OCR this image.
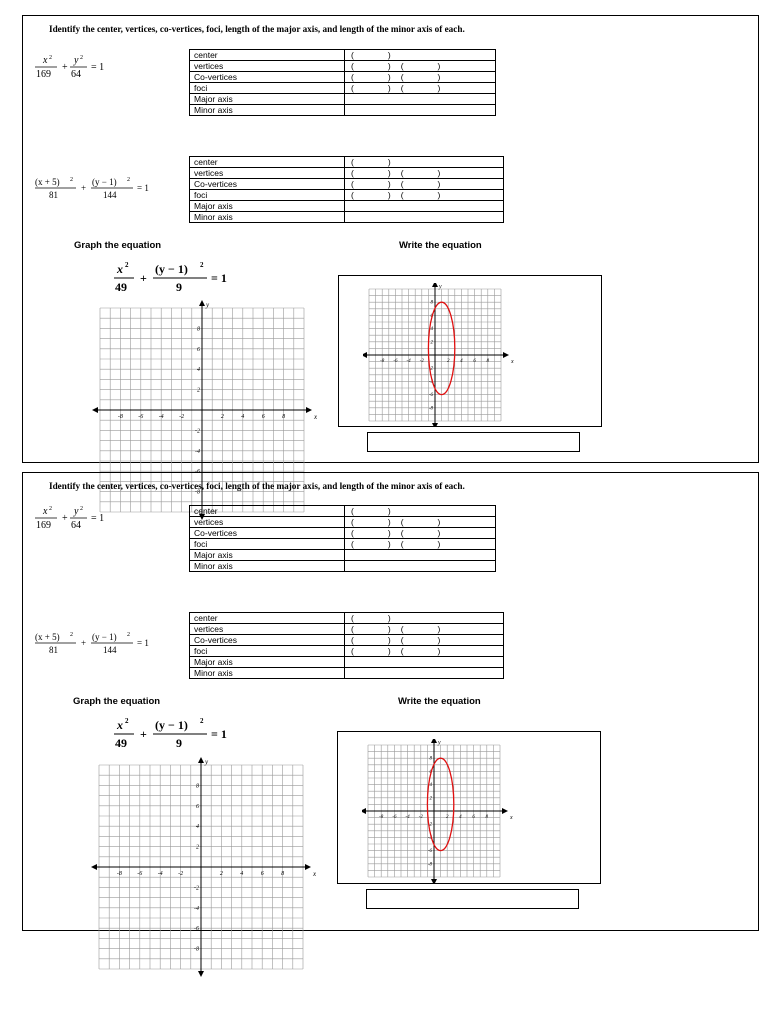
Identify the center, vertices, co-vertices, foci, length of the major axis, and length of the minor axis of each.
x 2
169
+
y 2
64
= 1
center	( )
vertices	( ) ( )
Co-vertices	( ) ( )
foci	( ) ( )
Major axis	
Minor axis	
(x + 5) 2
81
+
(y − 1) 2
144
= 1
center	( )
vertices	( ) ( )
Co-vertices	( ) ( )
foci	( ) ( )
Major axis	
Minor axis	
Graph the equation	Write the equation
x 2
49
+
(y − 1) 2
9
= 1
-8	-6	-4	-2	2	4	6	8
8
6
4
2
-2
-4
-6
-8
x
y
-8 -6 -4 -2	2 4 6 8
8
6
4
2
-2
-4
-6
-8
x
y
Identify the center, vertices, co-vertices, foci, length of the major axis, and length of the minor axis of each.
x 2
169
+
y 2
64
= 1
center	( )
vertices	( ) ( )
Co-vertices	( ) ( )
foci	( ) ( )
Major axis	
Minor axis	
(x + 5) 2
81
+
(y − 1) 2
144
= 1
center	( )
vertices	( ) ( )
Co-vertices	( ) ( )
foci	( ) ( )
Major axis	
Minor axis	
Graph the equation	Write the equation
x 2
49
+
(y − 1) 2
9
= 1
-8	-6	-4	-2	2	4	6	8
8
6
4
2
-2
-4
-6
-8
x
y
-8 -6 -4 -2	2 4 6 8
8
6
4
2
-2
-4
-6
-8
x
y
